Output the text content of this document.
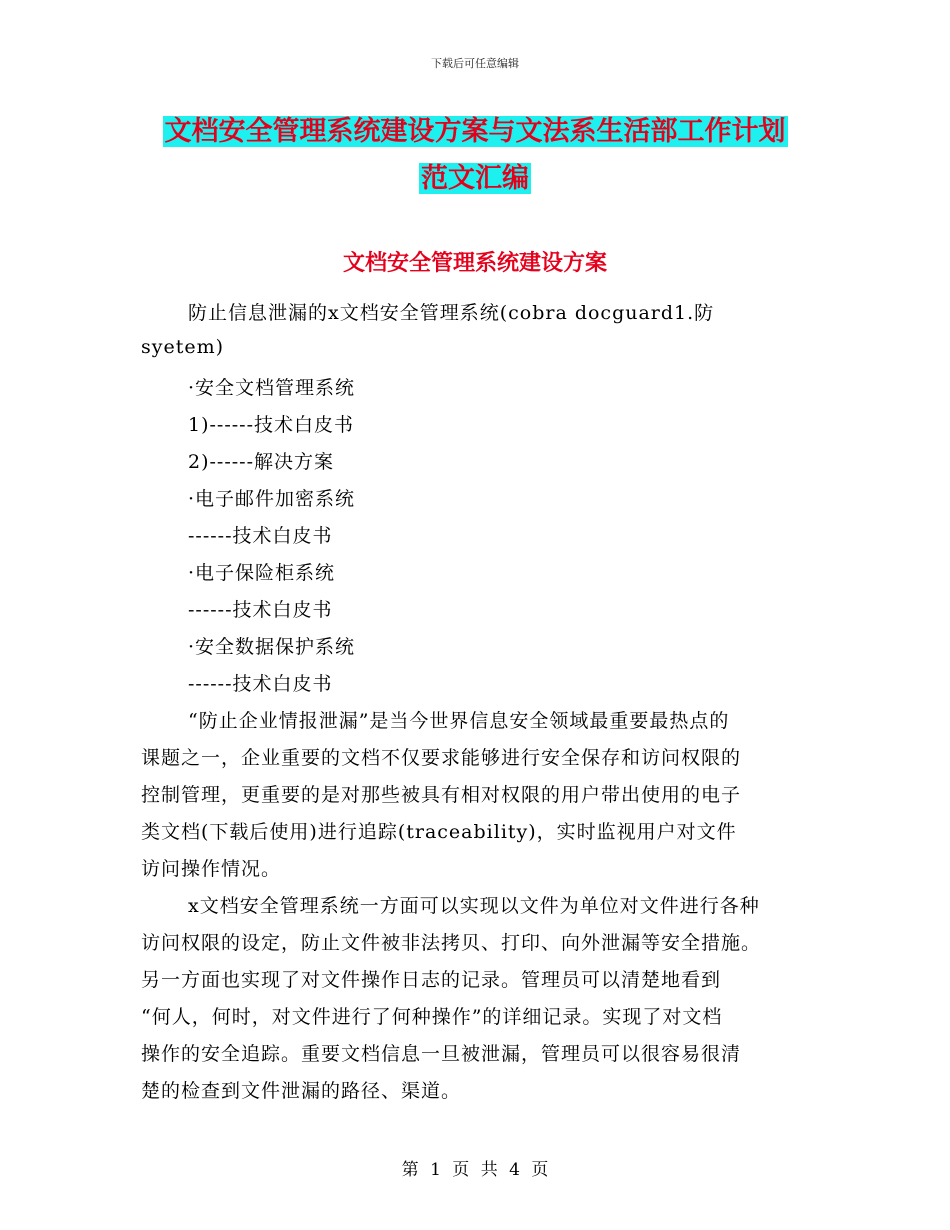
下载后可任意编辑
文档安全管理系统建设方案与文法系生活部工作计划
范文汇编
文档安全管理系统建设方案
防止信息泄漏的x文档安全管理系统(cobra docguard1.防
syetem)
·安全文档管理系统
1)------技术白皮书
2)------解决方案
·电子邮件加密系统
------技术白皮书
·电子保险柜系统
------技术白皮书
·安全数据保护系统
------技术白皮书
“防止企业情报泄漏”是当今世界信息安全领域最重要最热点的
课题之一，企业重要的文档不仅要求能够进行安全保存和访问权限的
控制管理，更重要的是对那些被具有相对权限的用户带出使用的电子
类文档(下载后使用)进行追踪(traceability)，实时监视用户对文件
访问操作情况。
x文档安全管理系统一方面可以实现以文件为单位对文件进行各种
访问权限的设定，防止文件被非法拷贝、打印、向外泄漏等安全措施。
另一方面也实现了对文件操作日志的记录。管理员可以清楚地看到
“何人，何时，对文件进行了何种操作”的详细记录。实现了对文档
操作的安全追踪。重要文档信息一旦被泄漏，管理员可以很容易很清
楚的检查到文件泄漏的路径、渠道。
第 1 页 共 4 页
